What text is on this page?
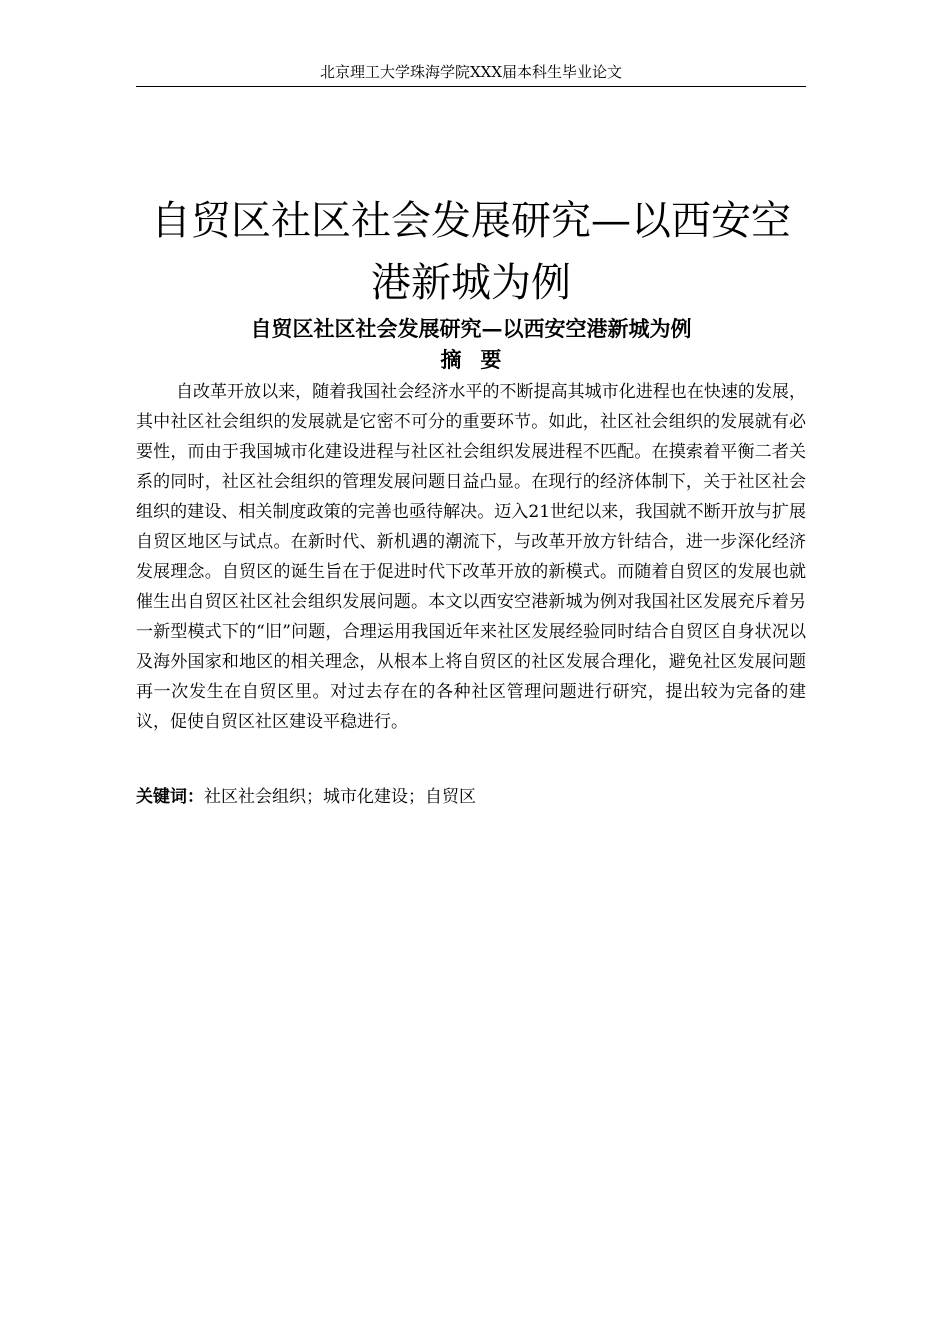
北京理工大学珠海学院XXX届本科生毕业论文
自贸区社区社会发展研究—以西安空
港新城为例
自贸区社区社会发展研究—以西安空港新城为例
摘要

自改革开放以来，随着我国社会经济水平的不断提高其城市化进程也在快速的发展，其中社区社会组织的发展就是它密不可分的重要环节。如此，社区社会组织的发展就有必要性，而由于我国城市化建设进程与社区社会组织发展进程不匹配。在摸索着平衡二者关系的同时，社区社会组织的管理发展问题日益凸显。在现行的经济体制下，关于社区社会组织的建设、相关制度政策的完善也亟待解决。迈入21世纪以来，我国就不断开放与扩展自贸区地区与试点。在新时代、新机遇的潮流下，与改革开放方针结合，进一步深化经济发展理念。自贸区的诞生旨在于促进时代下改革开放的新模式。而随着自贸区的发展也就催生出自贸区社区社会组织发展问题。本文以西安空港新城为例对我国社区发展充斥着另一新型模式下的“旧”问题，合理运用我国近年来社区发展经验同时结合自贸区自身状况以及海外国家和地区的相关理念，从根本上将自贸区的社区发展合理化，避免社区发展问题再一次发生在自贸区里。对过去存在的各种社区管理问题进行研究，提出较为完备的建议，促使自贸区社区建设平稳进行。

关键词：社区社会组织；城市化建设；自贸区
